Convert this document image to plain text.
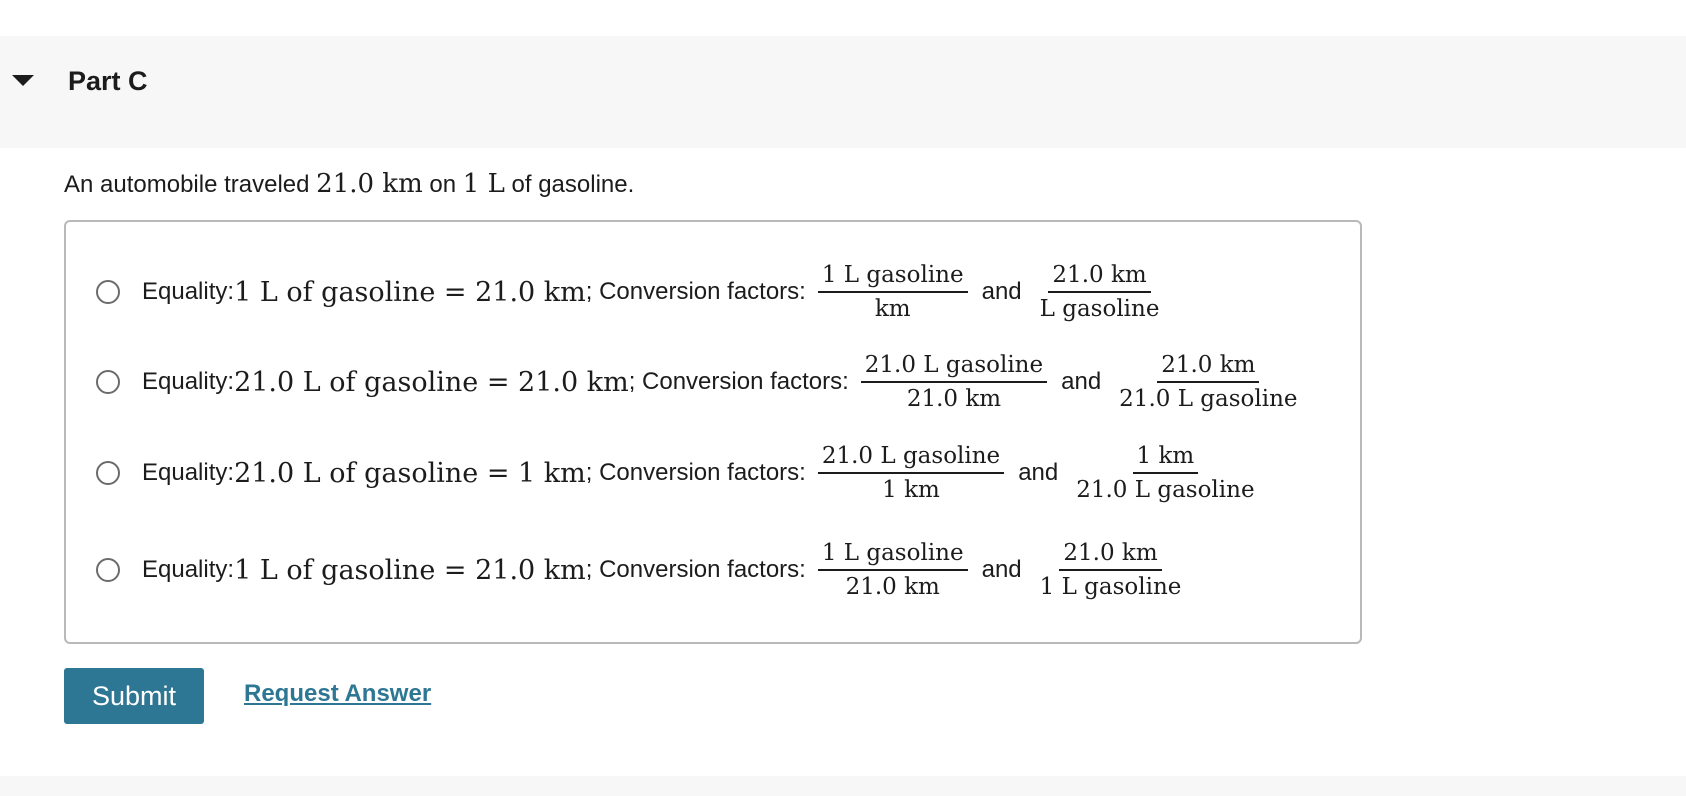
Part C
An automobile traveled 21.0 km on 1 L of gasoline.
Equality: 1 L of gasoline = 21.0 km ; Conversion factors: $\frac{\text{1 L gasoline}}{km}$ and $\frac{21.0 km}{\text{L gasoline}}$
Equality: 21.0 L of gasoline = 21.0 km ; Conversion factors: $\frac{\text{21.0 L gasoline}}{21.0 km}$ and $\frac{21.0 km}{\text{21.0 L gasoline}}$
Equality: 21.0 L of gasoline = 1 km ; Conversion factors: $\frac{\text{21.0 L gasoline}}{1 km}$ and $\frac{1 km}{\text{21.0 L gasoline}}$
Equality: 1 L of gasoline = 21.0 km ; Conversion factors: $\frac{\text{1 L gasoline}}{21.0 km}$ and $\frac{21.0 km}{\text{1 L gasoline}}$
Submit	Request Answer
